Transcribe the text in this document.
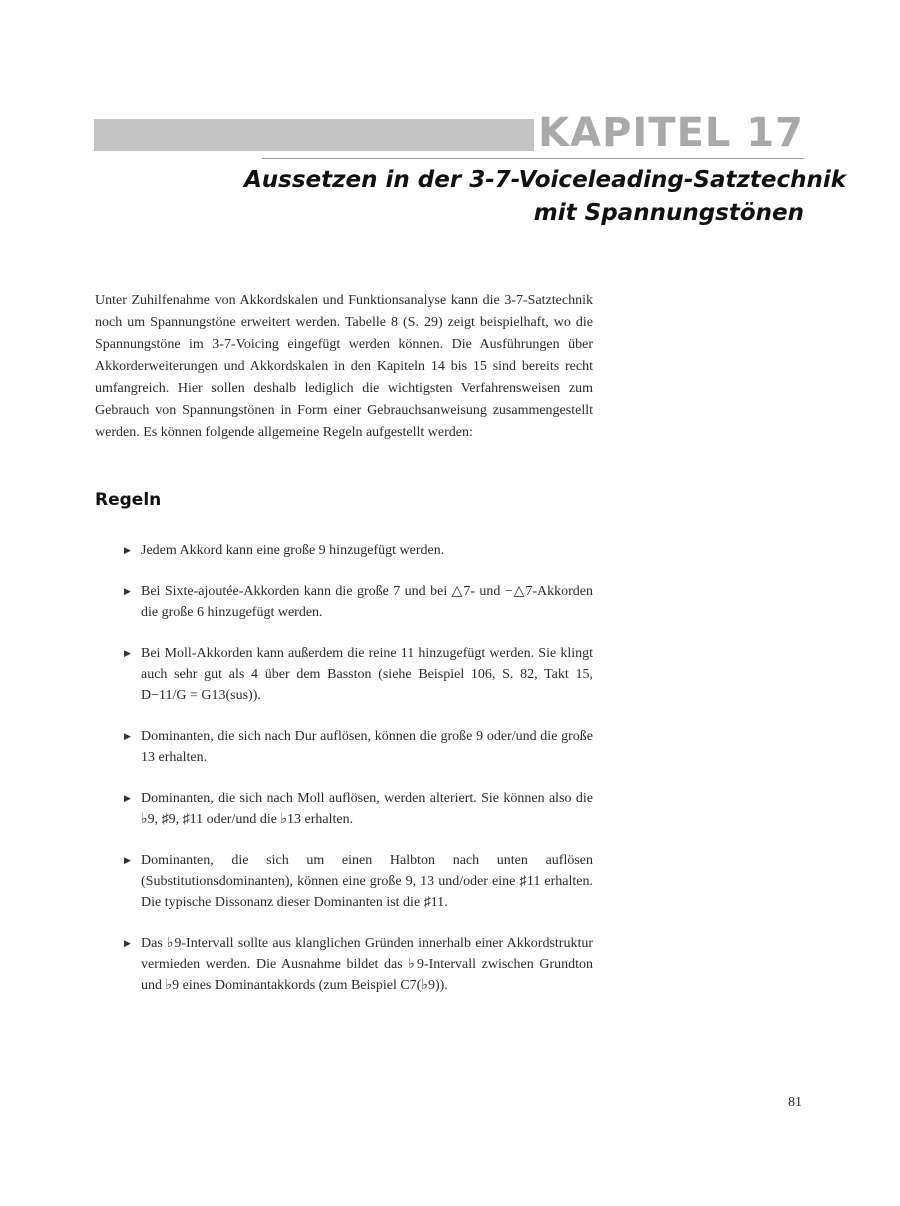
KAPITEL 17
Aussetzen in der 3-7-Voiceleading-Satztechnik
mit Spannungstönen

Unter Zuhilfenahme von Akkordskalen und Funktionsanalyse kann die 3-7-Satztechnik noch um Spannungstöne erweitert werden. Tabelle 8 (S. 29) zeigt beispielhaft, wo die Spannungstöne im 3-7-Voicing eingefügt werden können. Die Ausführungen über Akkorderweiterungen und Akkordskalen in den Kapiteln 14 bis 15 sind bereits recht umfangreich. Hier sollen deshalb lediglich die wichtigsten Verfahrensweisen zum Gebrauch von Spannungstönen in Form einer Gebrauchsanweisung zusammengestellt werden. Es können folgende allgemeine Regeln aufgestellt werden:

Regeln
▶ Jedem Akkord kann eine große 9 hinzugefügt werden.
▶ Bei Sixte-ajoutée-Akkorden kann die große 7 und bei △7- und −△7-Akkorden die große 6 hinzugefügt werden.
▶ Bei Moll-Akkorden kann außerdem die reine 11 hinzugefügt werden. Sie klingt auch sehr gut als 4 über dem Basston (siehe Beispiel 106, S. 82, Takt 15, D−11/G = G13(sus)).
▶ Dominanten, die sich nach Dur auflösen, können die große 9 oder/und die große 13 erhalten.
▶ Dominanten, die sich nach Moll auflösen, werden alteriert. Sie können also die ♭9, ♯9, ♯11 oder/und die ♭13 erhalten.
▶ Dominanten, die sich um einen Halbton nach unten auflösen (Substitutionsdominanten), können eine große 9, 13 und/oder eine ♯11 erhalten. Die typische Dissonanz dieser Dominanten ist die ♯11.
▶ Das ♭9-Intervall sollte aus klanglichen Gründen innerhalb einer Akkordstruktur vermieden werden. Die Ausnahme bildet das ♭9-Intervall zwischen Grundton und ♭9 eines Dominantakkords (zum Beispiel C7(♭9)).
81
